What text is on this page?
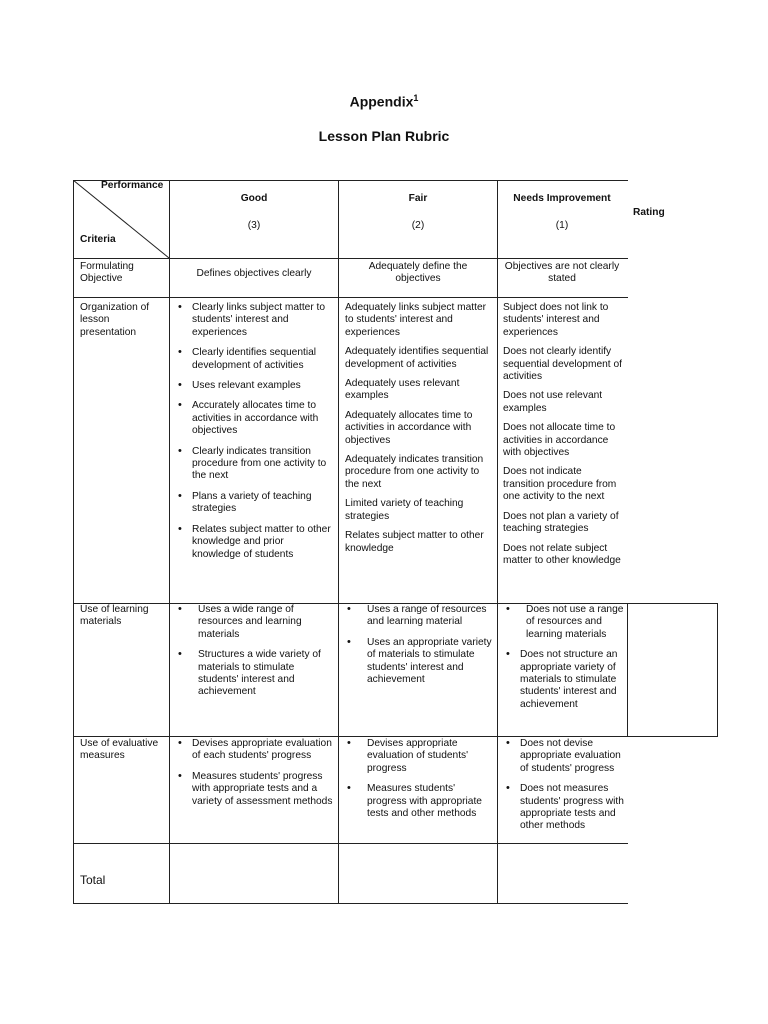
Appendix$^1$
Lesson Plan Rubric
Performance
Criteria
Good
(3)
Fair
(2)
Needs Improvement
(1)
Rating
Formulating Objective	Defines objectives clearly
Adequately define the objectives
Objectives are not clearly stated
Organization of lesson presentation
• Clearly links subject matter to students' interest and experiences
• Clearly identifies sequential development of activities
• Uses relevant examples
• Accurately allocates time to activities in accordance with objectives
• Clearly indicates transition procedure from one activity to the next
• Plans a variety of teaching strategies
• Relates subject matter to other knowledge and prior knowledge of students

Adequately links subject matter to students' interest and experiences

Adequately identifies sequential development of activities

Adequately uses relevant examples

Adequately allocates time to activities in accordance with objectives

Adequately indicates transition procedure from one activity to the next

Limited variety of teaching strategies

Relates subject matter to other knowledge

Subject does not link to students' interest and experiences

Does not clearly identify sequential development of activities

Does not use relevant examples

Does not allocate time to activities in accordance with objectives

Does not indicate transition procedure from one activity to the next

Does not plan a variety of teaching strategies

Does not relate subject matter to other knowledge

Use of learning materials
• Uses a wide range of resources and learning materials
• Structures a wide variety of materials to stimulate students' interest and achievement
• Uses a range of resources and learning material
• Uses an appropriate variety of materials to stimulate students' interest and achievement
• Does not use a range of resources and learning materials
• Does not structure an appropriate variety of materials to stimulate students' interest and achievement
Use of evaluative measures
• Devises appropriate evaluation of each students' progress
• Measures students' progress with appropriate tests and a variety of assessment methods
• Devises appropriate evaluation of students' progress
• Measures students' progress with appropriate tests and other methods
• Does not devise appropriate evaluation of students' progress
• Does not measures students' progress with appropriate tests and other methods
Total
